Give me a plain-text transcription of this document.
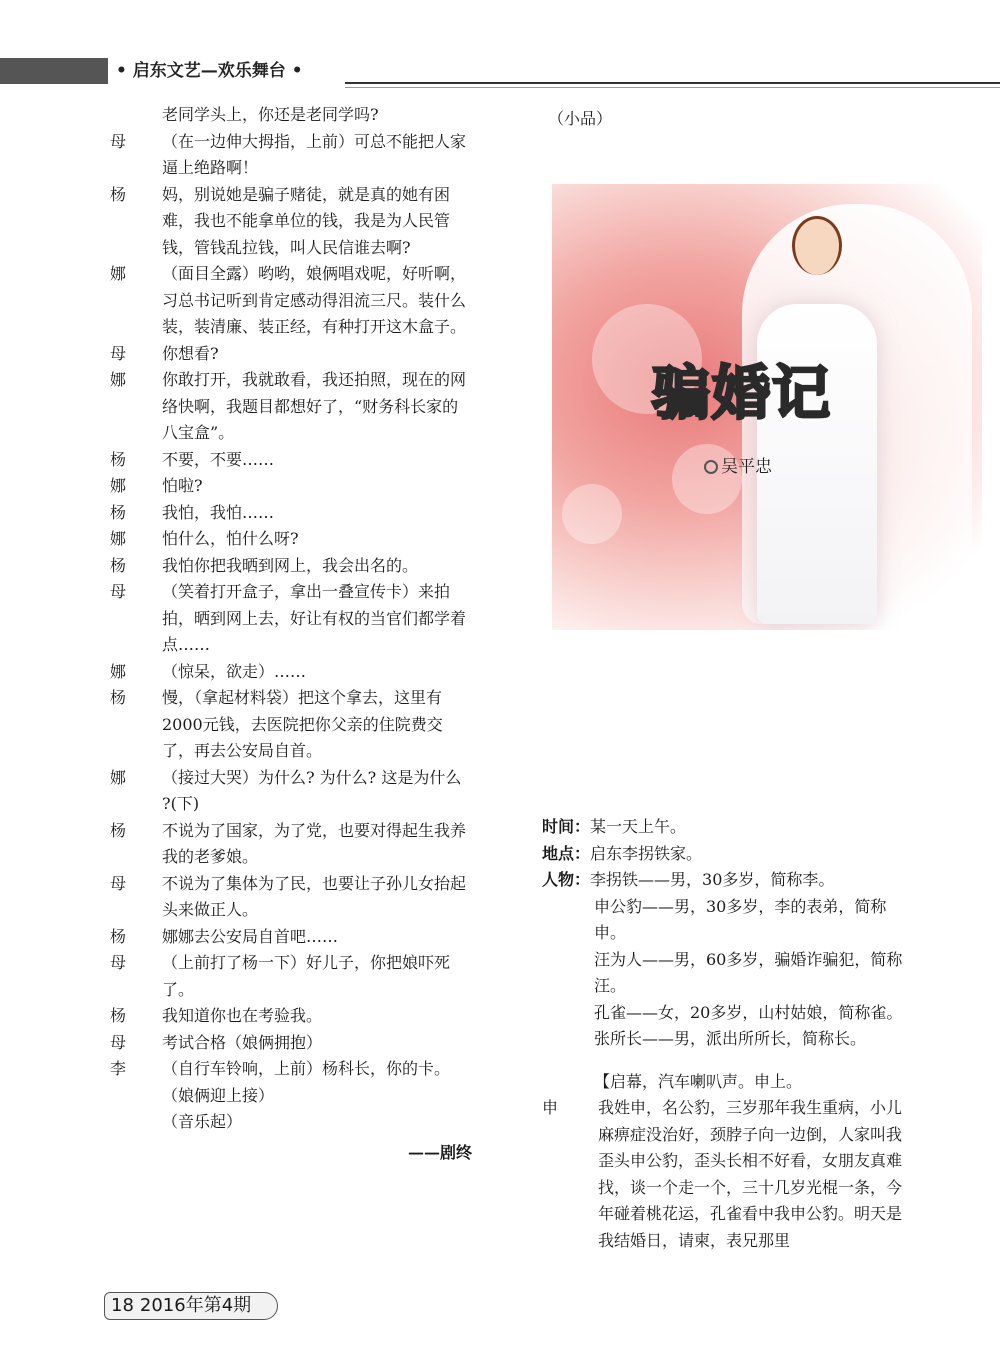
• 启东文艺—欢乐舞台 •
老同学头上，你还是老同学吗?
母	（在一边伸大拇指，上前）可总不能把人家逼上绝路啊！
杨	妈，别说她是骗子赌徒，就是真的她有困难，我也不能拿单位的钱，我是为人民管钱，管钱乱拉钱，叫人民信谁去啊?
娜	（面目全露）哟哟，娘俩唱戏呢，好听啊，习总书记听到肯定感动得泪流三尺。装什么装，装清廉、装正经，有种打开这木盒子。
母	你想看?
娜	你敢打开，我就敢看，我还拍照，现在的网络快啊，我题目都想好了，“财务科长家的八宝盒”。
杨	不要，不要……
娜	怕啦?
杨	我怕，我怕……
娜	怕什么，怕什么呀?
杨	我怕你把我晒到网上，我会出名的。
母	（笑着打开盒子，拿出一叠宣传卡）来拍拍，晒到网上去，好让有权的当官们都学着点……
娜	（惊呆，欲走）……
杨	慢，（拿起材料袋）把这个拿去，这里有2000元钱，去医院把你父亲的住院费交了，再去公安局自首。
娜	（接过大哭）为什么? 为什么? 这是为什么 ?(下)
杨	不说为了国家，为了党，也要对得起生我养我的老爹娘。
母	不说为了集体为了民，也要让子孙儿女抬起头来做正人。
杨	娜娜去公安局自首吧……
母	（上前打了杨一下）好儿子，你把娘吓死了。
杨	我知道你也在考验我。
母	考试合格（娘俩拥抱）
李	（自行车铃响，上前）杨科长，你的卡。（娘俩迎上接）
（音乐起）
——剧终
（小品）
骗婚记
吴平忠
时间： 某一天上午。
地点： 启东李拐铁家。
人物： 李拐铁——男，30多岁，简称李。
申公豹——男，30多岁，李的表弟，简称申。
汪为人——男，60多岁，骗婚诈骗犯，简称汪。
孔雀——女，20多岁，山村姑娘，简称雀。
张所长——男，派出所所长，简称长。
【启幕，汽车喇叭声。申上。
申	我姓申，名公豹，三岁那年我生重病，小儿麻痹症没治好，颈脖子向一边倒，人家叫我歪头申公豹，歪头长相不好看，女朋友真难找，谈一个走一个，三十几岁光棍一条，今年碰着桃花运，孔雀看中我申公豹。明天是我结婚日，请柬，表兄那里
18 2016年第4期
